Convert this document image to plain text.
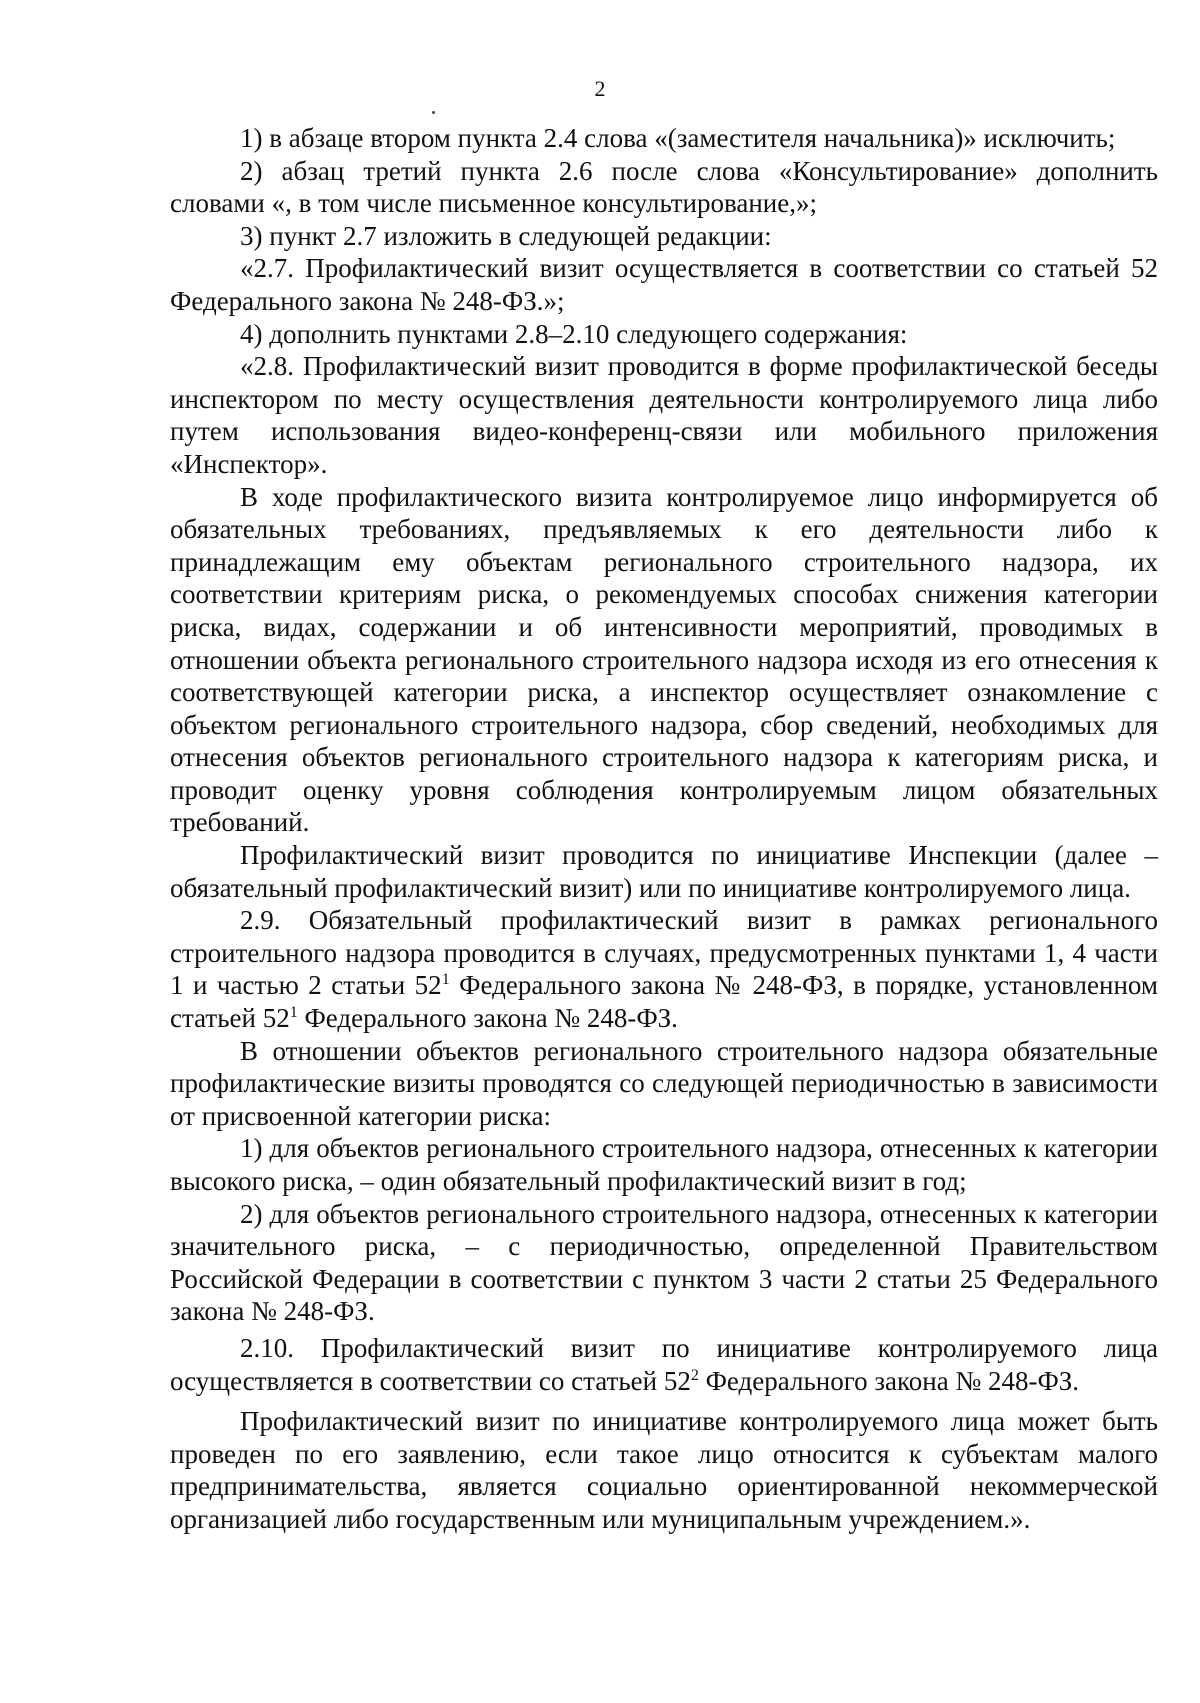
2

1) в абзаце втором пункта 2.4 слова «(заместителя начальника)» исключить;

2) абзац третий пункта 2.6 после слова «Консультирование» дополнить словами «, в том числе письменное консультирование,»;

3) пункт 2.7 изложить в следующей редакции:

«2.7. Профилактический визит осуществляется в соответствии со статьей 52 Федерального закона № 248-ФЗ.»;

4) дополнить пунктами 2.8–2.10 следующего содержания:

«2.8. Профилактический визит проводится в форме профилактической беседы инспектором по месту осуществления деятельности контролируемого лица либо путем использования видео-конференц-связи или мобильного приложения «Инспектор».

В ходе профилактического визита контролируемое лицо информируется об обязательных требованиях, предъявляемых к его деятельности либо к принадлежащим ему объектам регионального строительного надзора, их соответствии критериям риска, о рекомендуемых способах снижения категории риска, видах, содержании и об интенсивности мероприятий, проводимых в отношении объекта регионального строительного надзора исходя из его отнесения к соответствующей категории риска, а инспектор осуществляет ознакомление с объектом регионального строительного надзора, сбор сведений, необходимых для отнесения объектов регионального строительного надзора к категориям риска, и проводит оценку уровня соблюдения контролируемым лицом обязательных требований.

Профилактический визит проводится по инициативе Инспекции (далее – обязательный профилактический визит) или по инициативе контролируемого лица.

2.9. Обязательный профилактический визит в рамках регионального строительного надзора проводится в случаях, предусмотренных пунктами 1, 4 части 1 и частью 2 статьи $52^1$ Федерального закона № 248-ФЗ, в порядке, установленном статьей $52^1$ Федерального закона № 248-ФЗ.

В отношении объектов регионального строительного надзора обязательные профилактические визиты проводятся со следующей периодичностью в зависимости от присвоенной категории риска:

1) для объектов регионального строительного надзора, отнесенных к категории высокого риска, – один обязательный профилактический визит в год;

2) для объектов регионального строительного надзора, отнесенных к категории значительного риска, – с периодичностью, определенной Правительством Российской Федерации в соответствии с пунктом 3 части 2 статьи 25 Федерального закона № 248-ФЗ.

2.10. Профилактический визит по инициативе контролируемого лица осуществляется в соответствии со статьей $52^2$ Федерального закона № 248-ФЗ.

Профилактический визит по инициативе контролируемого лица может быть проведен по его заявлению, если такое лицо относится к субъектам малого предпринимательства, является социально ориентированной некоммерческой организацией либо государственным или муниципальным учреждением.».
